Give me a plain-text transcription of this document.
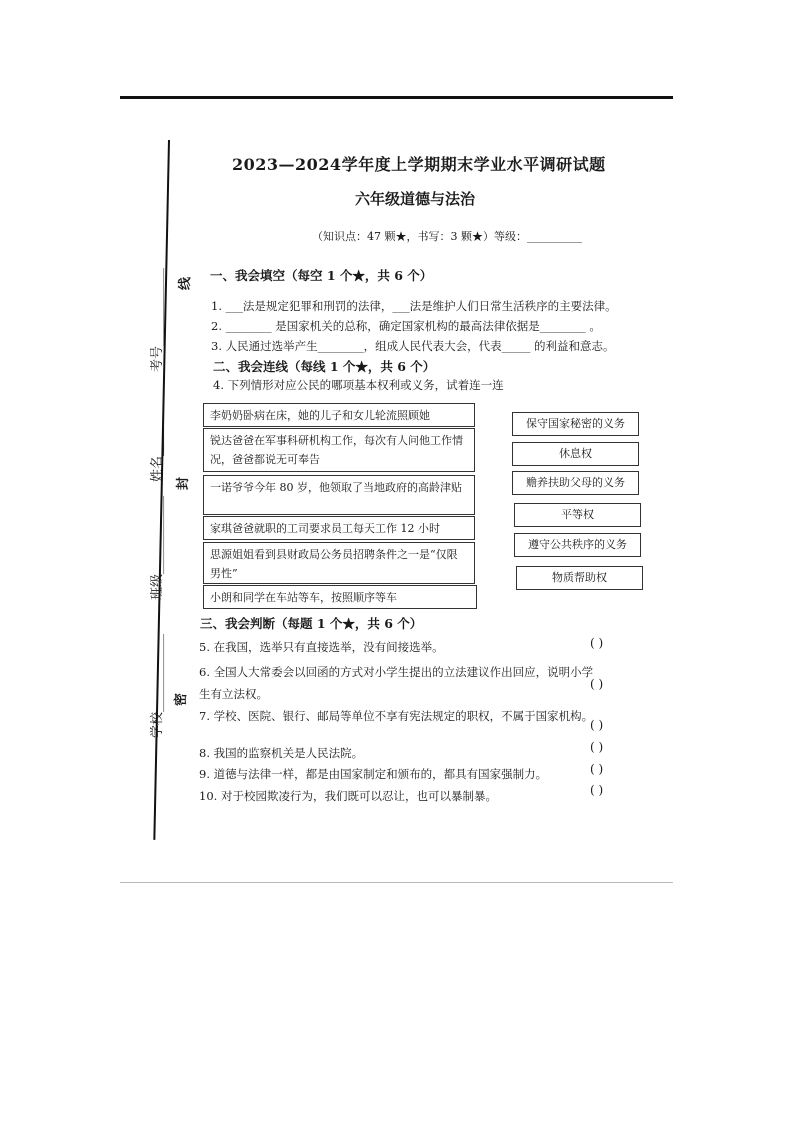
考号____________
姓名______________
班级____________
学校____________
线
封
密
2023—2024学年度上学期期末学业水平调研试题
六年级道德与法治
（知识点：47 颗★，书写：3 颗★）等级：__________
一、我会填空（每空 1 个★，共 6 个）
1. ___法是规定犯罪和刑罚的法律，___法是维护人们日常生活秩序的主要法律。
2. ________ 是国家机关的总称，确定国家机构的最高法律依据是________ 。
3. 人民通过选举产生________，组成人民代表大会，代表_____ 的利益和意志。
二、我会连线（每线 1 个★，共 6 个）
4. 下列情形对应公民的哪项基本权利或义务，试着连一连
李奶奶卧病在床，她的儿子和女儿轮流照顾她
锐达爸爸在军事科研机构工作，每次有人问他工作情况，爸爸都说无可奉告
一诺爷爷今年 80 岁，他领取了当地政府的高龄津贴
家琪爸爸就职的工司要求员工每天工作 12 小时
思源姐姐看到县财政局公务员招聘条件之一是“仅限男性”
小朗和同学在车站等车，按照顺序等车
保守国家秘密的义务
休息权
赡养扶助父母的义务
平等权
遵守公共秩序的义务
物质帮助权
三、我会判断（每题 1 个★，共 6 个）
5. 在我国，选举只有直接选举，没有间接选举。	( )
6. 全国人大常委会以回函的方式对小学生提出的立法建议作出回应，说明小学
生有立法权。
( )
7. 学校、医院、银行、邮局等单位不享有宪法规定的职权，不属于国家机构。
( )
8. 我国的监察机关是人民法院。	( )
9. 道德与法律一样，都是由国家制定和颁布的，都具有国家强制力。	( )
10. 对于校园欺凌行为，我们既可以忍让，也可以暴制暴。	( )
